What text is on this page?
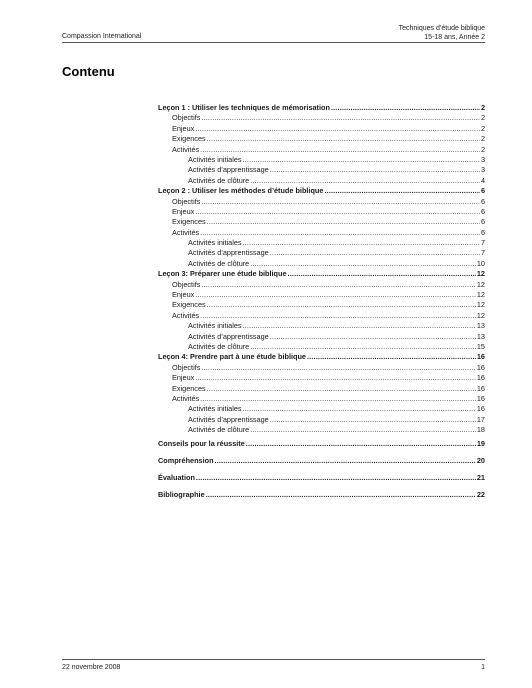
Techniques d’étude biblique
15-18 ans, Année 2
Compassion International
Contenu
Leçon 1 : Utiliser les techniques de mémorisation .....	2
Objectifs .....	2
Enjeux .....	2
Exigences .....	2
Activités .....	2
Activités initiales .....	3
Activités d’apprentissage .....	3
Activités de clôture .....	4
Leçon 2 : Utiliser les méthodes d’étude biblique .....	6
Objectifs .....	6
Enjeux .....	6
Exigences .....	6
Activités .....	6
Activités initiales .....	7
Activités d’apprentissage .....	7
Activités de clôture .....	10
Leçon 3: Préparer une étude biblique .....	12
Objectifs .....	12
Enjeux .....	12
Exigences .....	12
Activités .....	12
Activités initiales .....	13
Activités d’apprentissage .....	13
Activités de clôture .....	15
Leçon 4: Prendre part à une étude biblique .....	16
Objectifs .....	16
Enjeux .....	16
Exigences .....	16
Activités .....	16
Activités initiales .....	16
Activités d’apprentissage .....	17
Activités de clôture .....	18
Conseils pour la réussite .....	19
Compréhension .....	20
Évaluation .....	21
Bibliographie .....	22
22 novembre 2008	1
